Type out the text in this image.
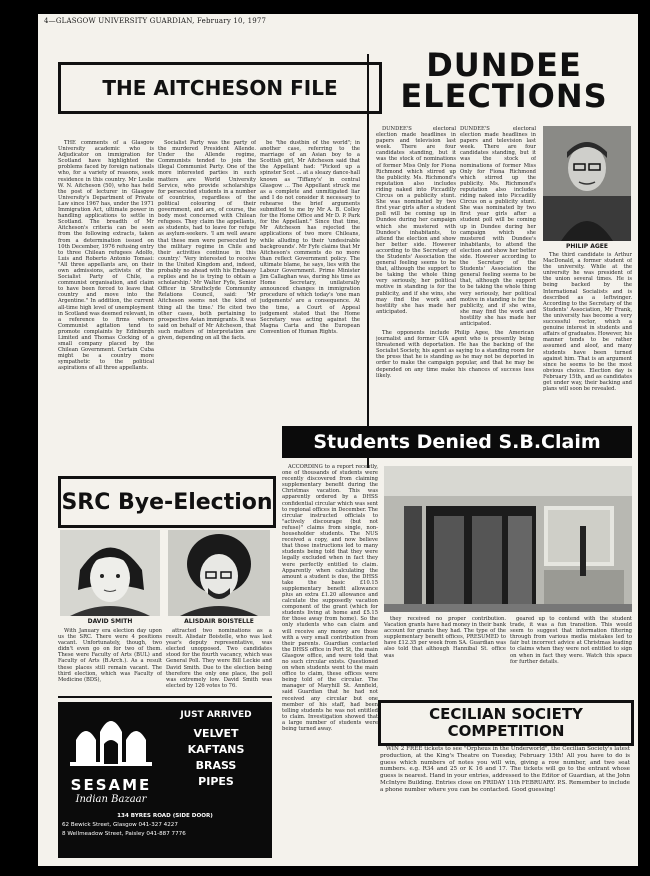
4—GLASGOW UNIVERSITY GUARDIAN, February 10, 1977
THE AITCHESON FILE

THE comments of a Glasgow University academic who is Adjudicator on immigration for Scotland have highlighted the problems faced by foreign nationals who, for a variety of reasons, seek residence in this country. Mr Leslie W. N. Aitcheson (50), who has held the post of lecturer in Glasgow University's Department of Private Law since 1967 has, under the 1971 Immigration Act, ultimate power in handling applications to settle in Scotland. The breadth of Mr Aitcheson's criteria can be seen from the following extracts, taken from a determination issued on 10th December, 1976 refusing entry to three Chilean refugees Adolfo, Luis and Roberto Antonio Tomasi: "All three appellants are, on their own admissions, activists of the Socialist Party of Chile, a communist organisation, and claim to have been forced to leave that country and move into the Argentine." In addition, the current all-time high level of unemployment in Scotland was deemed relevant, in a reference to firms where Communist agitation tend to promote complaints by Edinburgh Limited and Thomas Cocking of a small company placed by the Chilean Government. Certain Cuba might be a country more sympathetic to the political aspirations of all three appellants.

Socialist Party was the party of the murdered President Allende. Under the Allende regime, Communists tended to join the illegal Communist Party. One of the more interested parties in such matters are World University Service, who provide scholarships for persecuted students in a number of countries, regardless of the political colouring of their government, and are, of course, the body most concerned with Chilean refugees. They claim the appellants, as students, had to leave for refuge as asylum-seekers. 'I am well aware that these men were persecuted by the military regime in Chile and their activities continue in this country.' 'Very interested to receive in the United Kingdom and, indeed, probably no ahead with his Embassy replies and he is trying to obtain a scholarship.' Mr Walter Fyfe, Senior Officer in Strathclyde Community Relations Council, said: 'Mr Aitcheson seems not the kind of thing all the time.' He cited two other cases, both pertaining to prospective Asian immigrants. It was said on behalf of Mr Aitcheson, that such matters of interpretation are given, depending on all the facts.

be "the dustbin of the world"; in another case, referring to the marriage of an Asian boy to a Scottish girl, Mr Aitcheson said that the Appellant had: "Picked up a spinster Scot ... at a sleazy dance-hall known as 'Tiffany's' in central Glasgow ... The Appellant struck me as a complete and unmitigated liar and I do not consider it necessary to rehearse the brief arguments submitted to me by Mr A. B. Colley for the Home Office and Mr D. P. Park for the Appellant." Since that time, Mr Aitcheson has rejected the applications of two more Chileans, while alluding to their 'undesirable backgrounds'. Mr Fyfe claims that Mr Aitcheson's comments do no more than reflect Government policy. The ultimate blame, he says, lies with the Labour Government. Prime Minister Jim Callaghan was, during his time as Home Secretary, unilaterally announced changes in immigration procedure of which today's 'one man judgements' are a consequence. At the time, a Court of Appeal judgement stated that the Home Secretary was acting against the Magna Carta and the European Convention of Human Rights.

DUNDEE
ELECTIONS

DUNDEE'S electoral election made headlines in papers and television last week. There are four candidates standing, but it was the stock of nominations of former Miss Only for Fiona Richmond which stirred up the publicity. Ms. Richmond's reputation also includes riding naked into Piccadilly Circus on a publicity stunt. She was nominated by two first year girls after a student poll will be coming up in Dundee during her campaign which she mustered with Dundee's inhabitants, to attend the election and show her better side. However according to the Secretary of the Students' Association the general feeling seems to be that, although the support to be taking the whole thing very seriously, her political motive in standing is for the publicity, and if she wins, she may find the work and hostility she has made her anticipated.

The opponents include Philip Agee, the American journalist and former CIA agent who is presently being threatened with deportation. He has the backing of the Socialist Society, his agent as saying to a standing room for the press that he is standing as he may not be deported in order to make the campaign popular, and that he may be depended on any time make his chances of success less likely.

DUNDEE'S electoral election made headlines in papers and television last week. There are four candidates standing, but it was the stock of nominations of former Miss Only for Fiona Richmond which stirred up the publicity. Ms. Richmond's reputation also includes riding naked into Piccadilly Circus on a publicity stunt. She was nominated by two first year girls after a student poll will be coming up in Dundee during her campaign which she mustered with Dundee's inhabitants, to attend the election and show her better side. However according to the Secretary of the Students' Association the general feeling seems to be that, although the support to be taking the whole thing very seriously, her political motive in standing is for the publicity, and if she wins, she may find the work and hostility she has made her anticipated.

PHILIP AGEE

The third candidate is Arthur MacDonald, a former student of the university. While at the university he was president of the union several times. He is being backed by the International Socialists and is described as a leftwinger. According to the Secretary of the Students' Association, Mr Frank, the university has become a very successful rector, which a genuine interest in students and affairs of graduates. However, his manner tends to be rather assumed and aloof, and many students have been turned against him. That is an argument since he seems to be the most obvious choice. Election day is February 15th, and as candidates get under way, their backing and plans will soon be revealed.

Students Denied S.B.Claim

ACCORDING to a report recently, one of thousands of students were recently discovered from claiming supplementary benefit during the Christmas vacation. This was apparently ordered by a DHSS confidential circular which was sent to regional offices in December. The circular instructed officials to "actively discourage (but not refuse)" claims from single, non-householder students. The NUS received a copy, and now believe that those instructions led to many students being told that they were legally excluded when in fact they were perfectly entitled to claim. Apparently when calculating the amount a student is due, the DHSS take the basic £10.15 supplementary benefit allowance plus an extra £1.20 allowance and calculate the supposedly vacation component of the grant (which for students living at home and £5.15 for those away from home). So the only students who can claim and will receive any money are those with a very small contribution from their parents. Guardian contacted the DHSS office in Port St, the main Glasgow office, and were told that no such circular exists. Questioned on when students went to the main office to claim, these offices were being told of the circular. The manager of Maryhill St. Annfield, said Guardian that he had not received any circular but one member of his staff, had been telling students he was not entitled to claim. Investigation showed that a large number of students were being turned away.

they received no proper contribution. Vacation grants have had money in their bank account for grants they had. The type of the supplementary benefit offices, PRESUMED to have £12.35 per week from SA. Guardian was also told that although Hannibal St. office was

geared up to contend with the student trade, it was a fun transition. This would seem to suggest that information filtering through from various media mistakes led to fair but incorrect advice at Christmas leading to claims when they were not entitled to sign on when in fact they were. Watch this space for further details.

SRC Bye-Election
DAVID SMITH	ALISDAIR BOISTELLE

With January era election day upon us the SRC. There were 4 positions vacant. Unfortunately, though, two didn't even go on for two of them. These were Faculty of Arts (BUL) and Faculty of Arts (B.Arch.). As a result these places still remain vacant. The third election, which was Faculty of Medicine (BDS),

attracted two nominations as a result. Alisdair Boistelle, who was last year's deputy representative, was elected unopposed. Two candidates stood for the fourth vacancy, which was General Poll. They were Bill Leckie and David Smith. Due to the election being therefore the only one place, the poll was extremely low. David Smith was elected by 126 votes to 76.

SESAME
Indian Bazaar
JUST ARRIVED
VELVET
KAFTANS
BRASS
PIPES
134 BYRES ROAD (SIDE DOOR)
62 Bewick Street, Glasgow 041-327 4227
8 Wellmeadow Street, Paisley 041-887 7776
CECILIAN SOCIETY
COMPETITION

WIN 2 FREE tickets to see "Orpheus in the Underworld", the Cecilian Society's latest production, at the King's Theatre on Tuesday, February 15th! All you have to do is guess which numbers of notes you will win, giving a row number, and two seat numbers. e.g. R34 and 25 or K 16 and 17. The tickets will go to the entrant whose guess is nearest. Hand in your entries, addressed to the Editor of Guardian, at the John McIntyre Building. Entries close on FRIDAY 11th FEBRUARY. P.S. Remember to include a phone number where you can be contacted. Good guessing!
